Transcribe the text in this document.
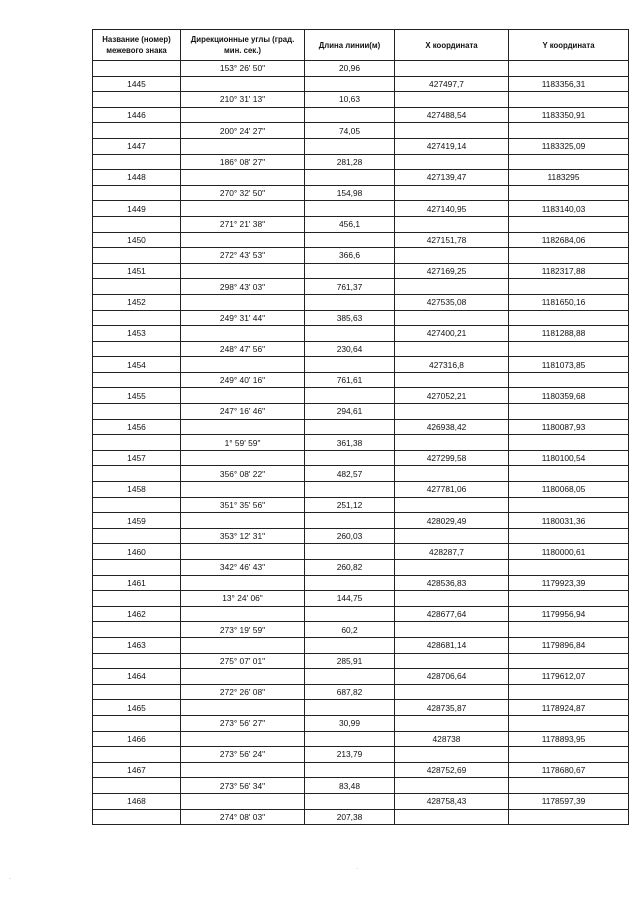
Название (номер) межевого знака	Дирекционные углы (град. мин. сек.)	Длина линии(м)	X координата	Y координата
	153° 26' 50"	20,96		
1445			427497,7	1183356,31
	210° 31' 13"	10,63		
1446			427488,54	1183350,91
	200° 24' 27"	74,05		
1447			427419,14	1183325,09
	186° 08' 27"	281,28		
1448			427139,47	1183295
	270° 32' 50"	154,98		
1449			427140,95	1183140,03
	271° 21' 38"	456,1		
1450			427151,78	1182684,06
	272° 43' 53"	366,6		
1451			427169,25	1182317,88
	298° 43' 03"	761,37		
1452			427535,08	1181650,16
	249° 31' 44"	385,63		
1453			427400,21	1181288,88
	248° 47' 56"	230,64		
1454			427316,8	1181073,85
	249° 40' 16"	761,61		
1455			427052,21	1180359,68
	247° 16' 46"	294,61		
1456			426938,42	1180087,93
	1° 59' 59"	361,38		
1457			427299,58	1180100,54
	356° 08' 22"	482,57		
1458			427781,06	1180068,05
	351° 35' 56"	251,12		
1459			428029,49	1180031,36
	353° 12' 31"	260,03		
1460			428287,7	1180000,61
	342° 46' 43"	260,82		
1461			428536,83	1179923,39
	13° 24' 06"	144,75		
1462			428677,64	1179956,94
	273° 19' 59"	60,2		
1463			428681,14	1179896,84
	275° 07' 01"	285,91		
1464			428706,64	1179612,07
	272° 26' 08"	687,82		
1465			428735,87	1178924,87
	273° 56' 27"	30,99		
1466			428738	1178893,95
	273° 56' 24"	213,79		
1467			428752,69	1178680,67
	273° 56' 34"	83,48		
1468			428758,43	1178597,39
	274° 08' 03"	207,38		
·
·
